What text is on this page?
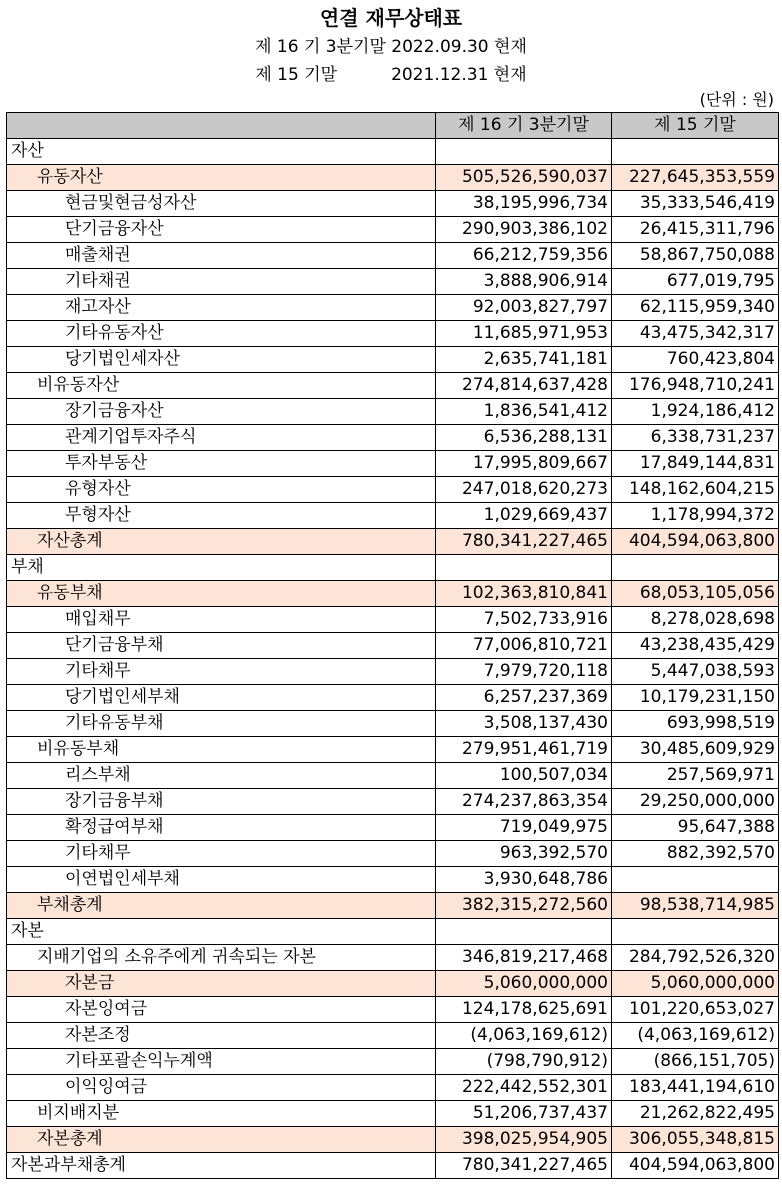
연결 재무상태표
제 16 기 3분기말 2022.09.30 현재
제 15 기말          2021.12.31 현재
(단위 : 원)
	제 16 기 3분기말	제 15 기말
자산		
유동자산	505,526,590,037	227,645,353,559
현금및현금성자산	38,195,996,734	35,333,546,419
단기금융자산	290,903,386,102	26,415,311,796
매출채권	66,212,759,356	58,867,750,088
기타채권	3,888,906,914	677,019,795
재고자산	92,003,827,797	62,115,959,340
기타유동자산	11,685,971,953	43,475,342,317
당기법인세자산	2,635,741,181	760,423,804
비유동자산	274,814,637,428	176,948,710,241
장기금융자산	1,836,541,412	1,924,186,412
관계기업투자주식	6,536,288,131	6,338,731,237
투자부동산	17,995,809,667	17,849,144,831
유형자산	247,018,620,273	148,162,604,215
무형자산	1,029,669,437	1,178,994,372
자산총계	780,341,227,465	404,594,063,800
부채		
유동부채	102,363,810,841	68,053,105,056
매입채무	7,502,733,916	8,278,028,698
단기금융부채	77,006,810,721	43,238,435,429
기타채무	7,979,720,118	5,447,038,593
당기법인세부채	6,257,237,369	10,179,231,150
기타유동부채	3,508,137,430	693,998,519
비유동부채	279,951,461,719	30,485,609,929
리스부채	100,507,034	257,569,971
장기금융부채	274,237,863,354	29,250,000,000
확정급여부채	719,049,975	95,647,388
기타채무	963,392,570	882,392,570
이연법인세부채	3,930,648,786	
부채총계	382,315,272,560	98,538,714,985
자본		
지배기업의 소유주에게 귀속되는 자본	346,819,217,468	284,792,526,320
자본금	5,060,000,000	5,060,000,000
자본잉여금	124,178,625,691	101,220,653,027
자본조정	(4,063,169,612)	(4,063,169,612)
기타포괄손익누계액	(798,790,912)	(866,151,705)
이익잉여금	222,442,552,301	183,441,194,610
비지배지분	51,206,737,437	21,262,822,495
자본총계	398,025,954,905	306,055,348,815
자본과부채총계	780,341,227,465	404,594,063,800
